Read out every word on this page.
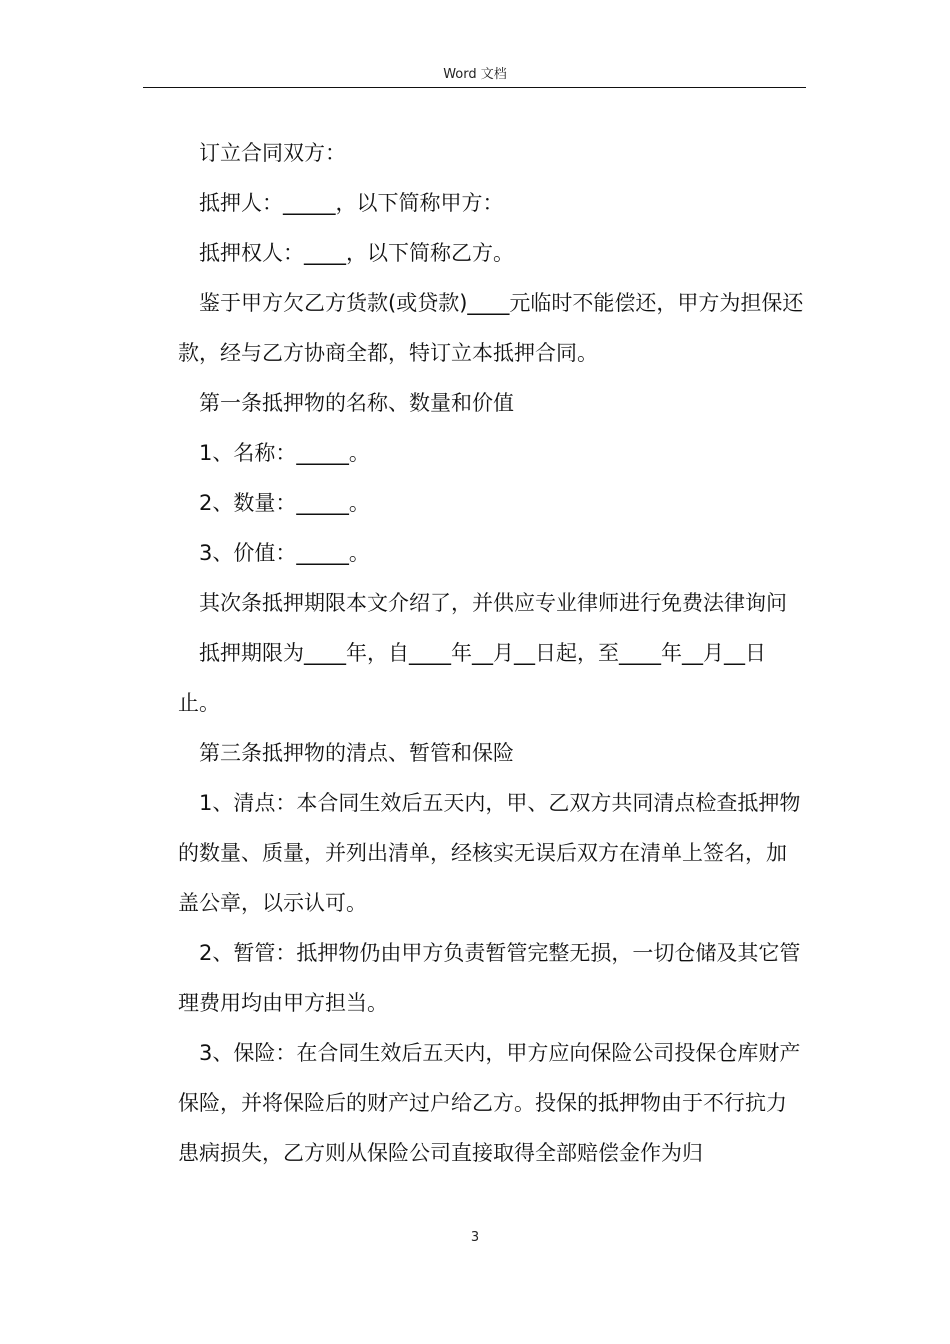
Word 文档

订立合同双方：

抵押人：_____，以下简称甲方：

抵押权人：____，以下简称乙方。

鉴于甲方欠乙方货款(或贷款)____元临时不能偿还，甲方为担保还款，经与乙方协商全都，特订立本抵押合同。

第一条抵押物的名称、数量和价值

1、名称：_____。

2、数量：_____。

3、价值：_____。

其次条抵押期限本文介绍了，并供应专业律师进行免费法律询问

抵押期限为____年，自____年__月__日起，至____年__月__日止。

第三条抵押物的清点、暂管和保险

1、清点：本合同生效后五天内，甲、乙双方共同清点检查抵押物的数量、质量，并列出清单，经核实无误后双方在清单上签名，加盖公章，以示认可。

2、暂管：抵押物仍由甲方负责暂管完整无损，一切仓储及其它管理费用均由甲方担当。

3、保险：在合同生效后五天内，甲方应向保险公司投保仓库财产保险，并将保险后的财产过户给乙方。投保的抵押物由于不行抗力患病损失，乙方则从保险公司直接取得全部赔偿金作为归

3
